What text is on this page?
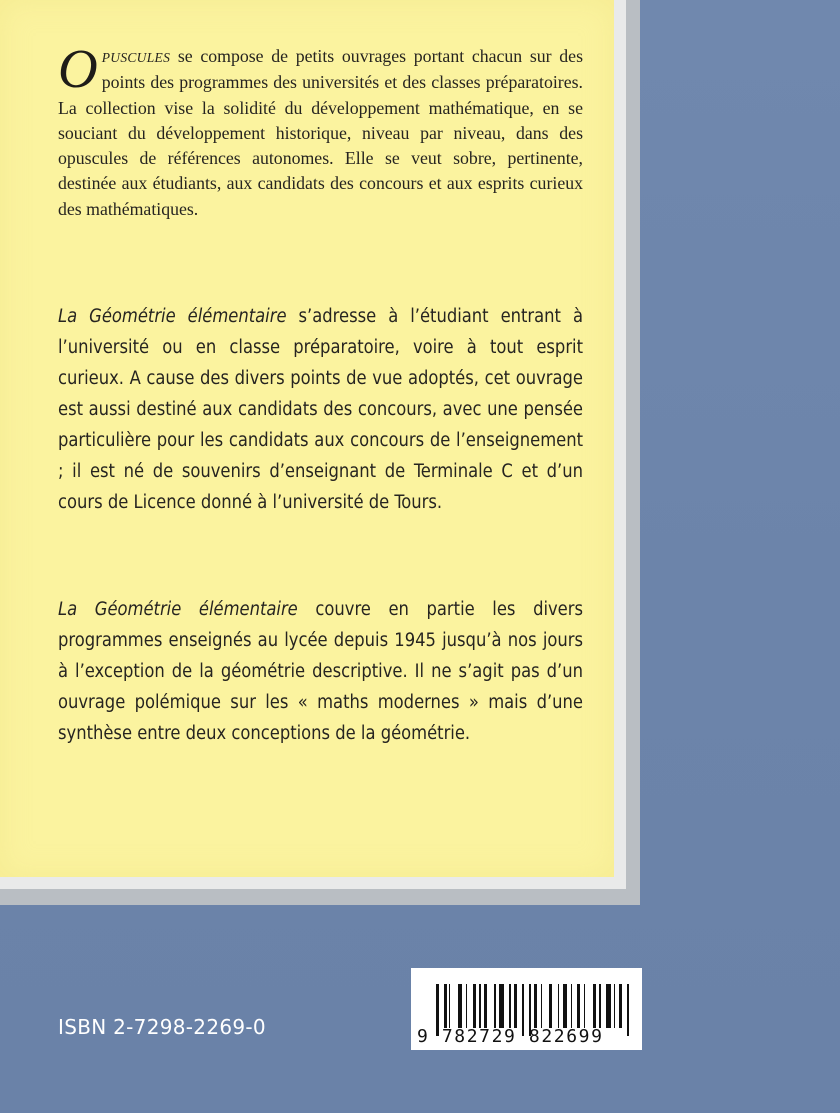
OPUSCULES se compose de petits ouvrages portant chacun sur des points des programmes des universités et des classes préparatoires. La collection vise la solidité du développement mathématique, en se souciant du développement historique, niveau par niveau, dans des opuscules de références autonomes. Elle se veut sobre, pertinente, destinée aux étudiants, aux candidats des concours et aux esprits curieux des mathématiques.
La Géométrie élémentaire s’adresse à l’étudiant entrant à l’université ou en classe préparatoire, voire à tout esprit curieux. A cause des divers points de vue adoptés, cet ouvrage est aussi destiné aux candidats des concours, avec une pensée particulière pour les candidats aux concours de l’enseignement ; il est né de souvenirs d’enseignant de Terminale C et d’un cours de Licence donné à l’université de Tours.
La Géométrie élémentaire couvre en partie les divers programmes enseignés au lycée depuis 1945 jusqu’à nos jours à l’exception de la géométrie descriptive. Il ne s’agit pas d’un ouvrage polémique sur les « maths modernes » mais d’une synthèse entre deux conceptions de la géométrie.
ISBN 2-7298-2269-0	9 782729 822699
